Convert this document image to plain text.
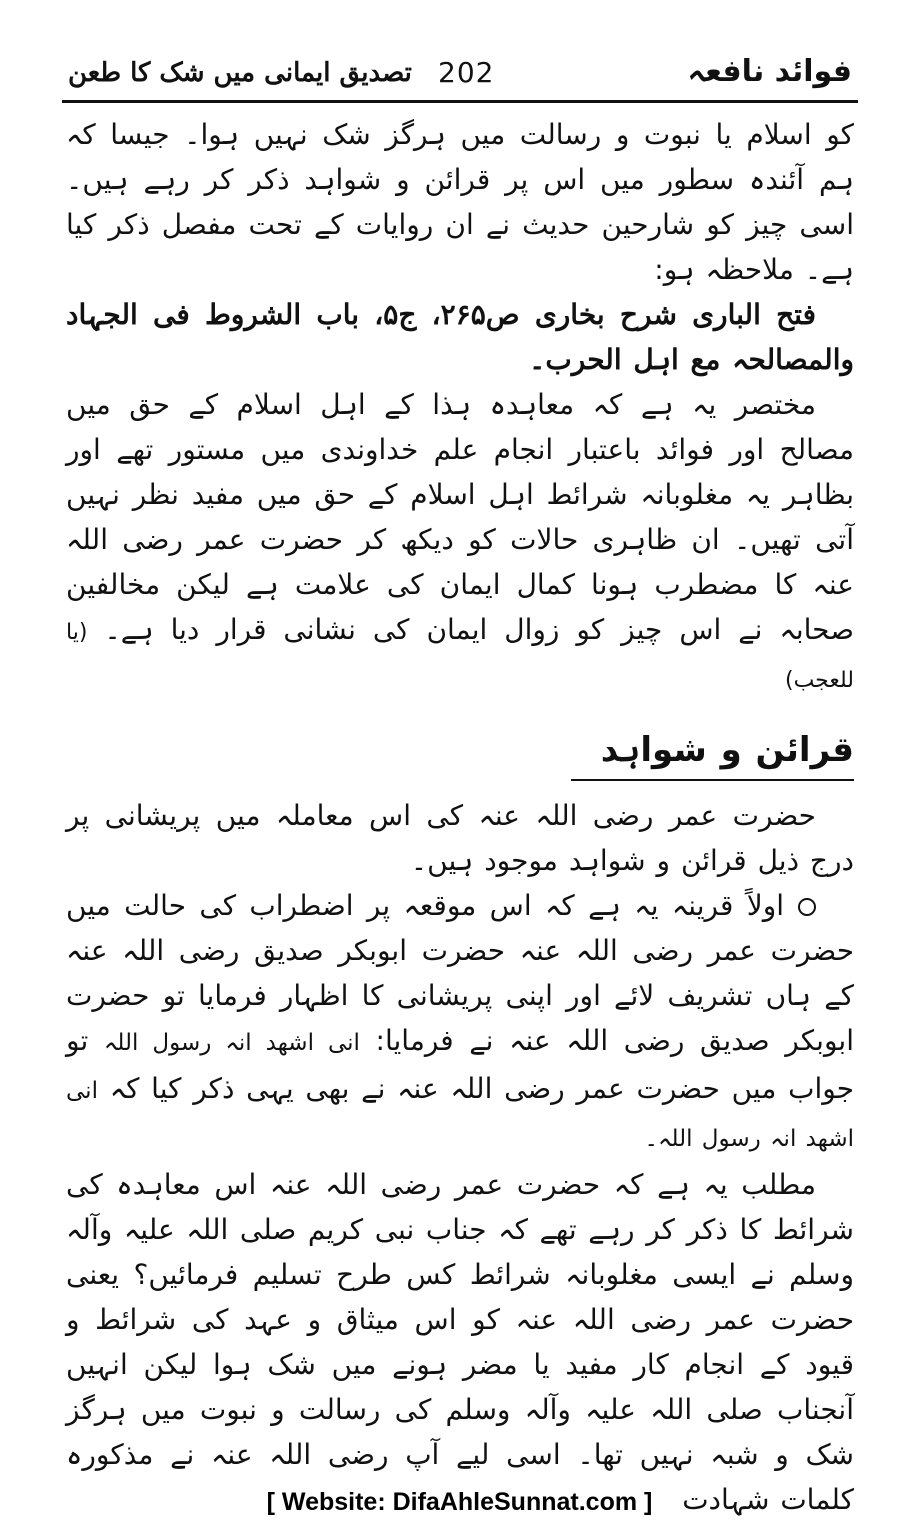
تصدیق ایمانی میں شک کا طعن 202	فوائد نافعہ

کو اسلام یا نبوت و رسالت میں ہرگز شک نہیں ہوا۔ جیسا کہ ہم آئندہ سطور میں اس پر قرائن و شواہد ذکر کر رہے ہیں۔ اسی چیز کو شارحین حدیث نے ان روایات کے تحت مفصل ذکر کیا ہے۔ ملاحظہ ہو:

فتح الباری شرح بخاری ص۲۶۵، ج۵، باب الشروط فی الجہاد والمصالحہ مع اہل الحرب۔

مختصر یہ ہے کہ معاہدہ ہذا کے اہل اسلام کے حق میں مصالح اور فوائد باعتبار انجام علم خداوندی میں مستور تھے اور بظاہر یہ مغلوبانہ شرائط اہل اسلام کے حق میں مفید نظر نہیں آتی تھیں۔ ان ظاہری حالات کو دیکھ کر حضرت عمر رضی اللہ عنہ کا مضطرب ہونا کمال ایمان کی علامت ہے لیکن مخالفین صحابہ نے اس چیز کو زوال ایمان کی نشانی قرار دیا ہے۔ (یا للعجب)

قرائن و شواہد

حضرت عمر رضی اللہ عنہ کی اس معاملہ میں پریشانی پر درج ذیل قرائن و شواہد موجود ہیں۔

اولاً قرینہ یہ ہے کہ اس موقعہ پر اضطراب کی حالت میں حضرت عمر رضی اللہ عنہ حضرت ابوبکر صدیق رضی اللہ عنہ کے ہاں تشریف لائے اور اپنی پریشانی کا اظہار فرمایا تو حضرت ابوبکر صدیق رضی اللہ عنہ نے فرمایا: انی اشھد انہ رسول اللہ تو جواب میں حضرت عمر رضی اللہ عنہ نے بھی یہی ذکر کیا کہ انی اشھد انہ رسول اللہ۔

مطلب یہ ہے کہ حضرت عمر رضی اللہ عنہ اس معاہدہ کی شرائط کا ذکر کر رہے تھے کہ جناب نبی کریم صلی اللہ علیہ وآلہ وسلم نے ایسی مغلوبانہ شرائط کس طرح تسلیم فرمائیں؟ یعنی حضرت عمر رضی اللہ عنہ کو اس میثاق و عہد کی شرائط و قیود کے انجام کار مفید یا مضر ہونے میں شک ہوا لیکن انہیں آنجناب صلی اللہ علیہ وآلہ وسلم کی رسالت و نبوت میں ہرگز شک و شبہ نہیں تھا۔ اسی لیے آپ رضی اللہ عنہ نے مذکورہ کلمات شہادت

[ Website: DifaAhleSunnat.com ]
